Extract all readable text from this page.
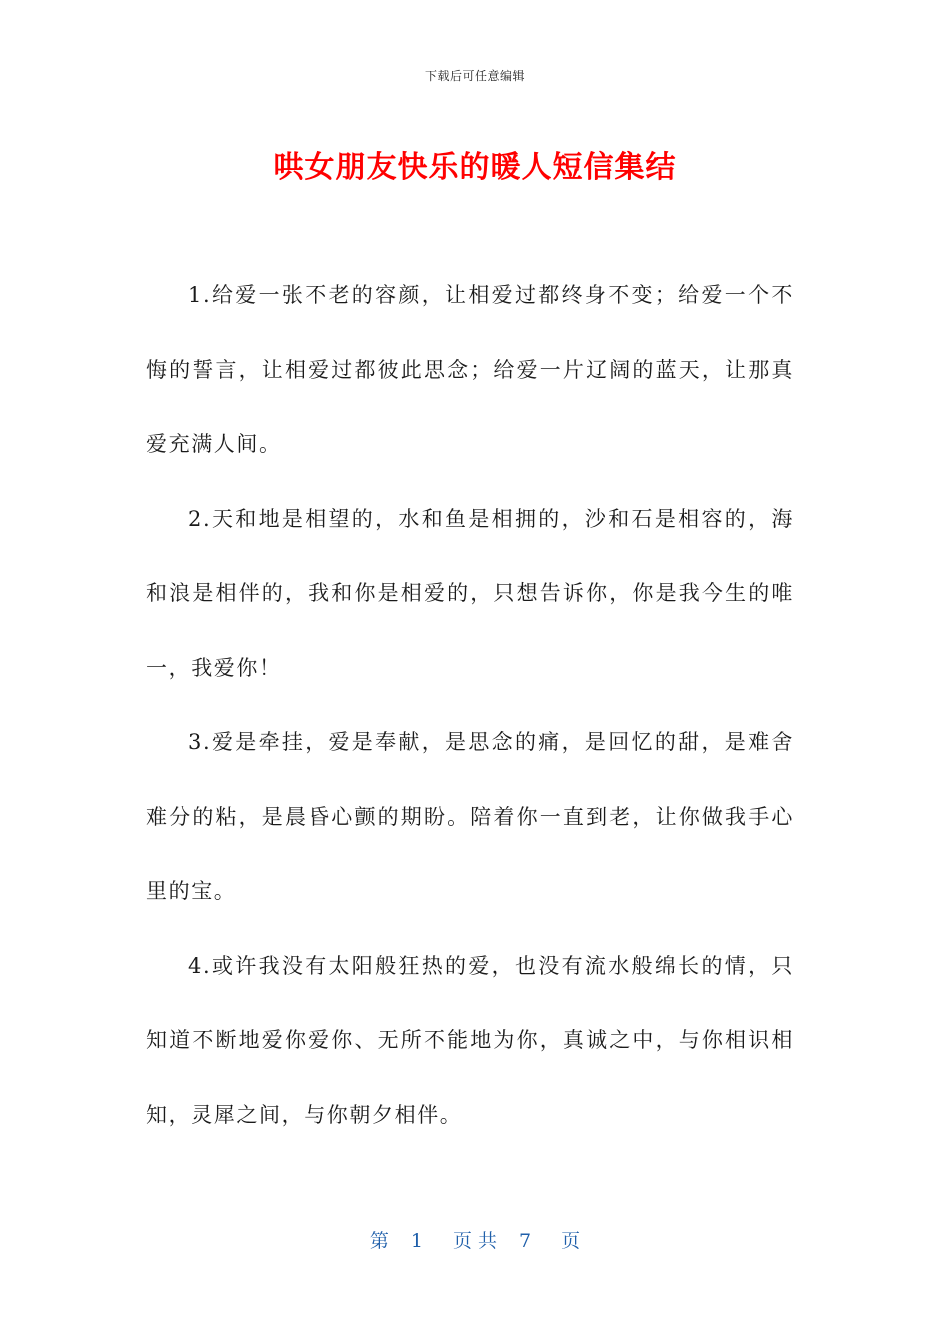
下载后可任意编辑
哄女朋友快乐的暖人短信集结

1.给爱一张不老的容颜，让相爱过都终身不变；给爱一个不悔的誓言，让相爱过都彼此思念；给爱一片辽阔的蓝天，让那真爱充满人间。

2.天和地是相望的，水和鱼是相拥的，沙和石是相容的，海和浪是相伴的，我和你是相爱的，只想告诉你，你是我今生的唯一，我爱你！

3.爱是牵挂，爱是奉献，是思念的痛，是回忆的甜，是难舍难分的粘，是晨昏心颤的期盼。陪着你一直到老，让你做我手心里的宝。

4.或许我没有太阳般狂热的爱，也没有流水般绵长的情，只知道不断地爱你爱你、无所不能地为你，真诚之中，与你相识相知，灵犀之间，与你朝夕相伴。

第 1 页 共 7 页
